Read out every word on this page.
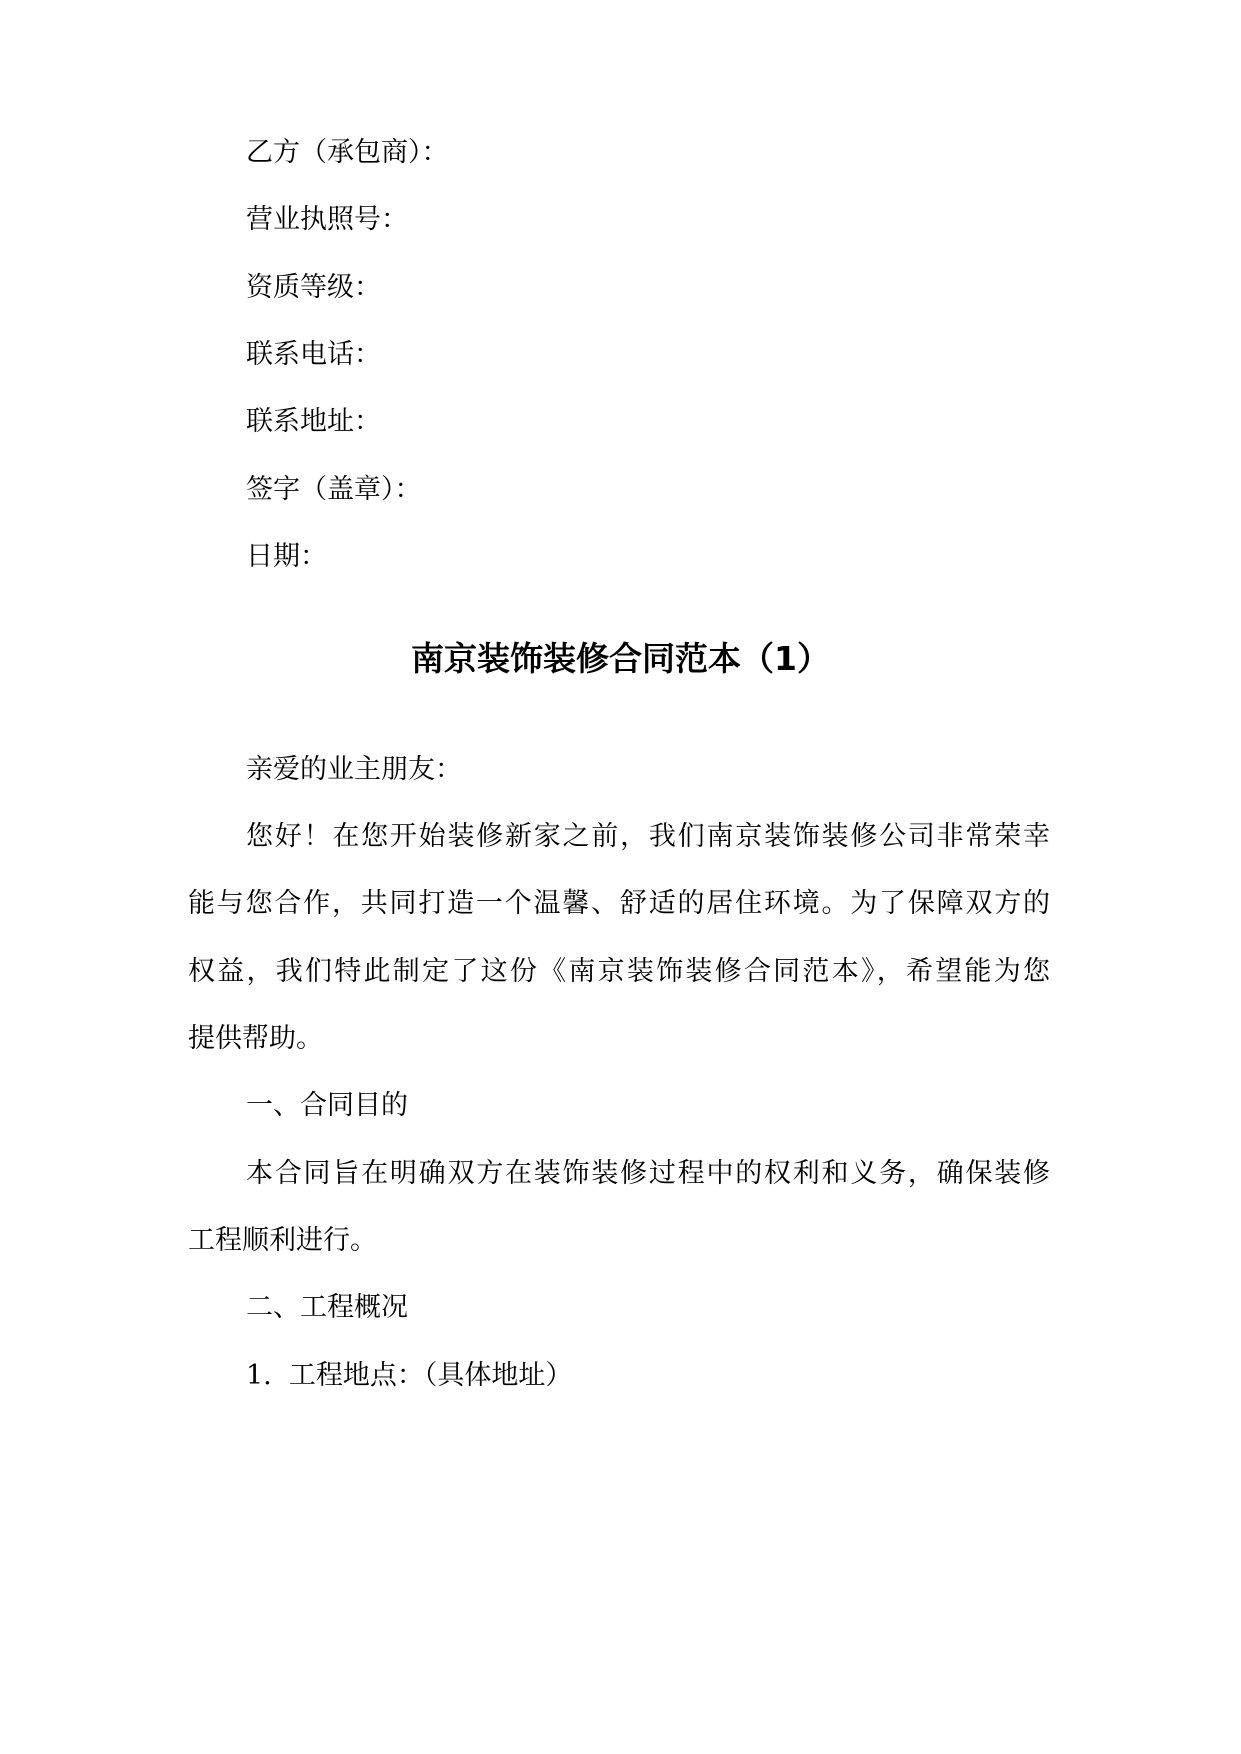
乙方（承包商）：
营业执照号：
资质等级：
联系电话：
联系地址：
签字（盖章）：
日期：
南京装饰装修合同范本（1）
亲爱的业主朋友：
您好！在您开始装修新家之前，我们南京装饰装修公司非常荣幸
能与您合作，共同打造一个温馨、舒适的居住环境。为了保障双方的
权益，我们特此制定了这份《南京装饰装修合同范本》，希望能为您
提供帮助。
一、合同目的
本合同旨在明确双方在装饰装修过程中的权利和义务，确保装修
工程顺利进行。
二、工程概况
1.  工程地点：（具体地址）
